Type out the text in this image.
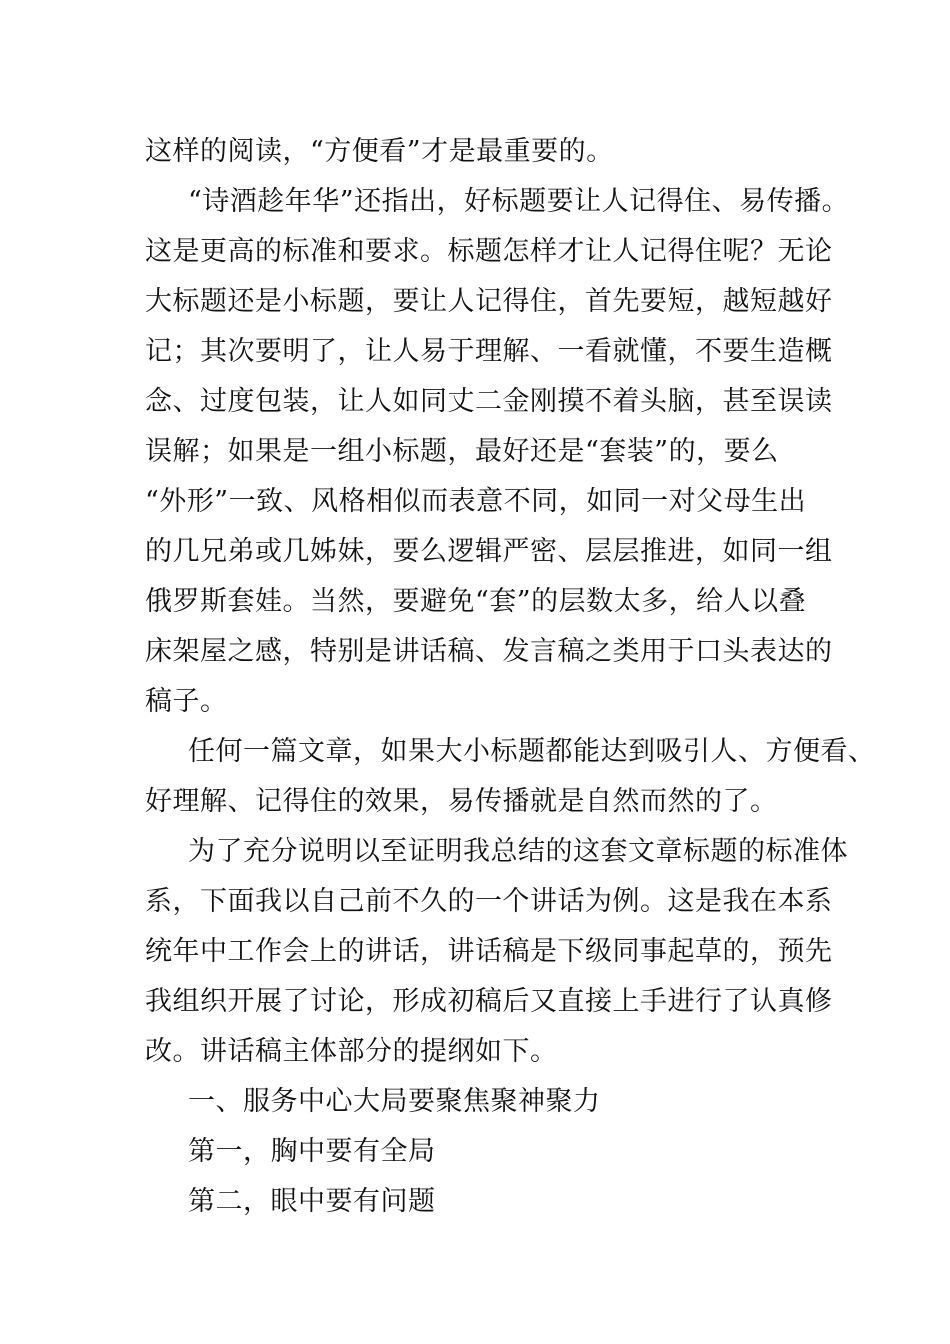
这样的阅读，“方便看”才是最重要的。
“诗酒趁年华”还指出，好标题要让人记得住、易传播。
这是更高的标准和要求。标题怎样才让人记得住呢？无论
大标题还是小标题，要让人记得住，首先要短，越短越好
记；其次要明了，让人易于理解、一看就懂，不要生造概
念、过度包装，让人如同丈二金刚摸不着头脑，甚至误读
误解；如果是一组小标题，最好还是“套装”的，要么
“外形”一致、风格相似而表意不同，如同一对父母生出
的几兄弟或几姊妹，要么逻辑严密、层层推进，如同一组
俄罗斯套娃。当然，要避免“套”的层数太多，给人以叠
床架屋之感，特别是讲话稿、发言稿之类用于口头表达的
稿子。
任何一篇文章，如果大小标题都能达到吸引人、方便看、
好理解、记得住的效果，易传播就是自然而然的了。
为了充分说明以至证明我总结的这套文章标题的标准体
系，下面我以自己前不久的一个讲话为例。这是我在本系
统年中工作会上的讲话，讲话稿是下级同事起草的，预先
我组织开展了讨论，形成初稿后又直接上手进行了认真修
改。讲话稿主体部分的提纲如下。
一、服务中心大局要聚焦聚神聚力
第一，胸中要有全局
第二，眼中要有问题
